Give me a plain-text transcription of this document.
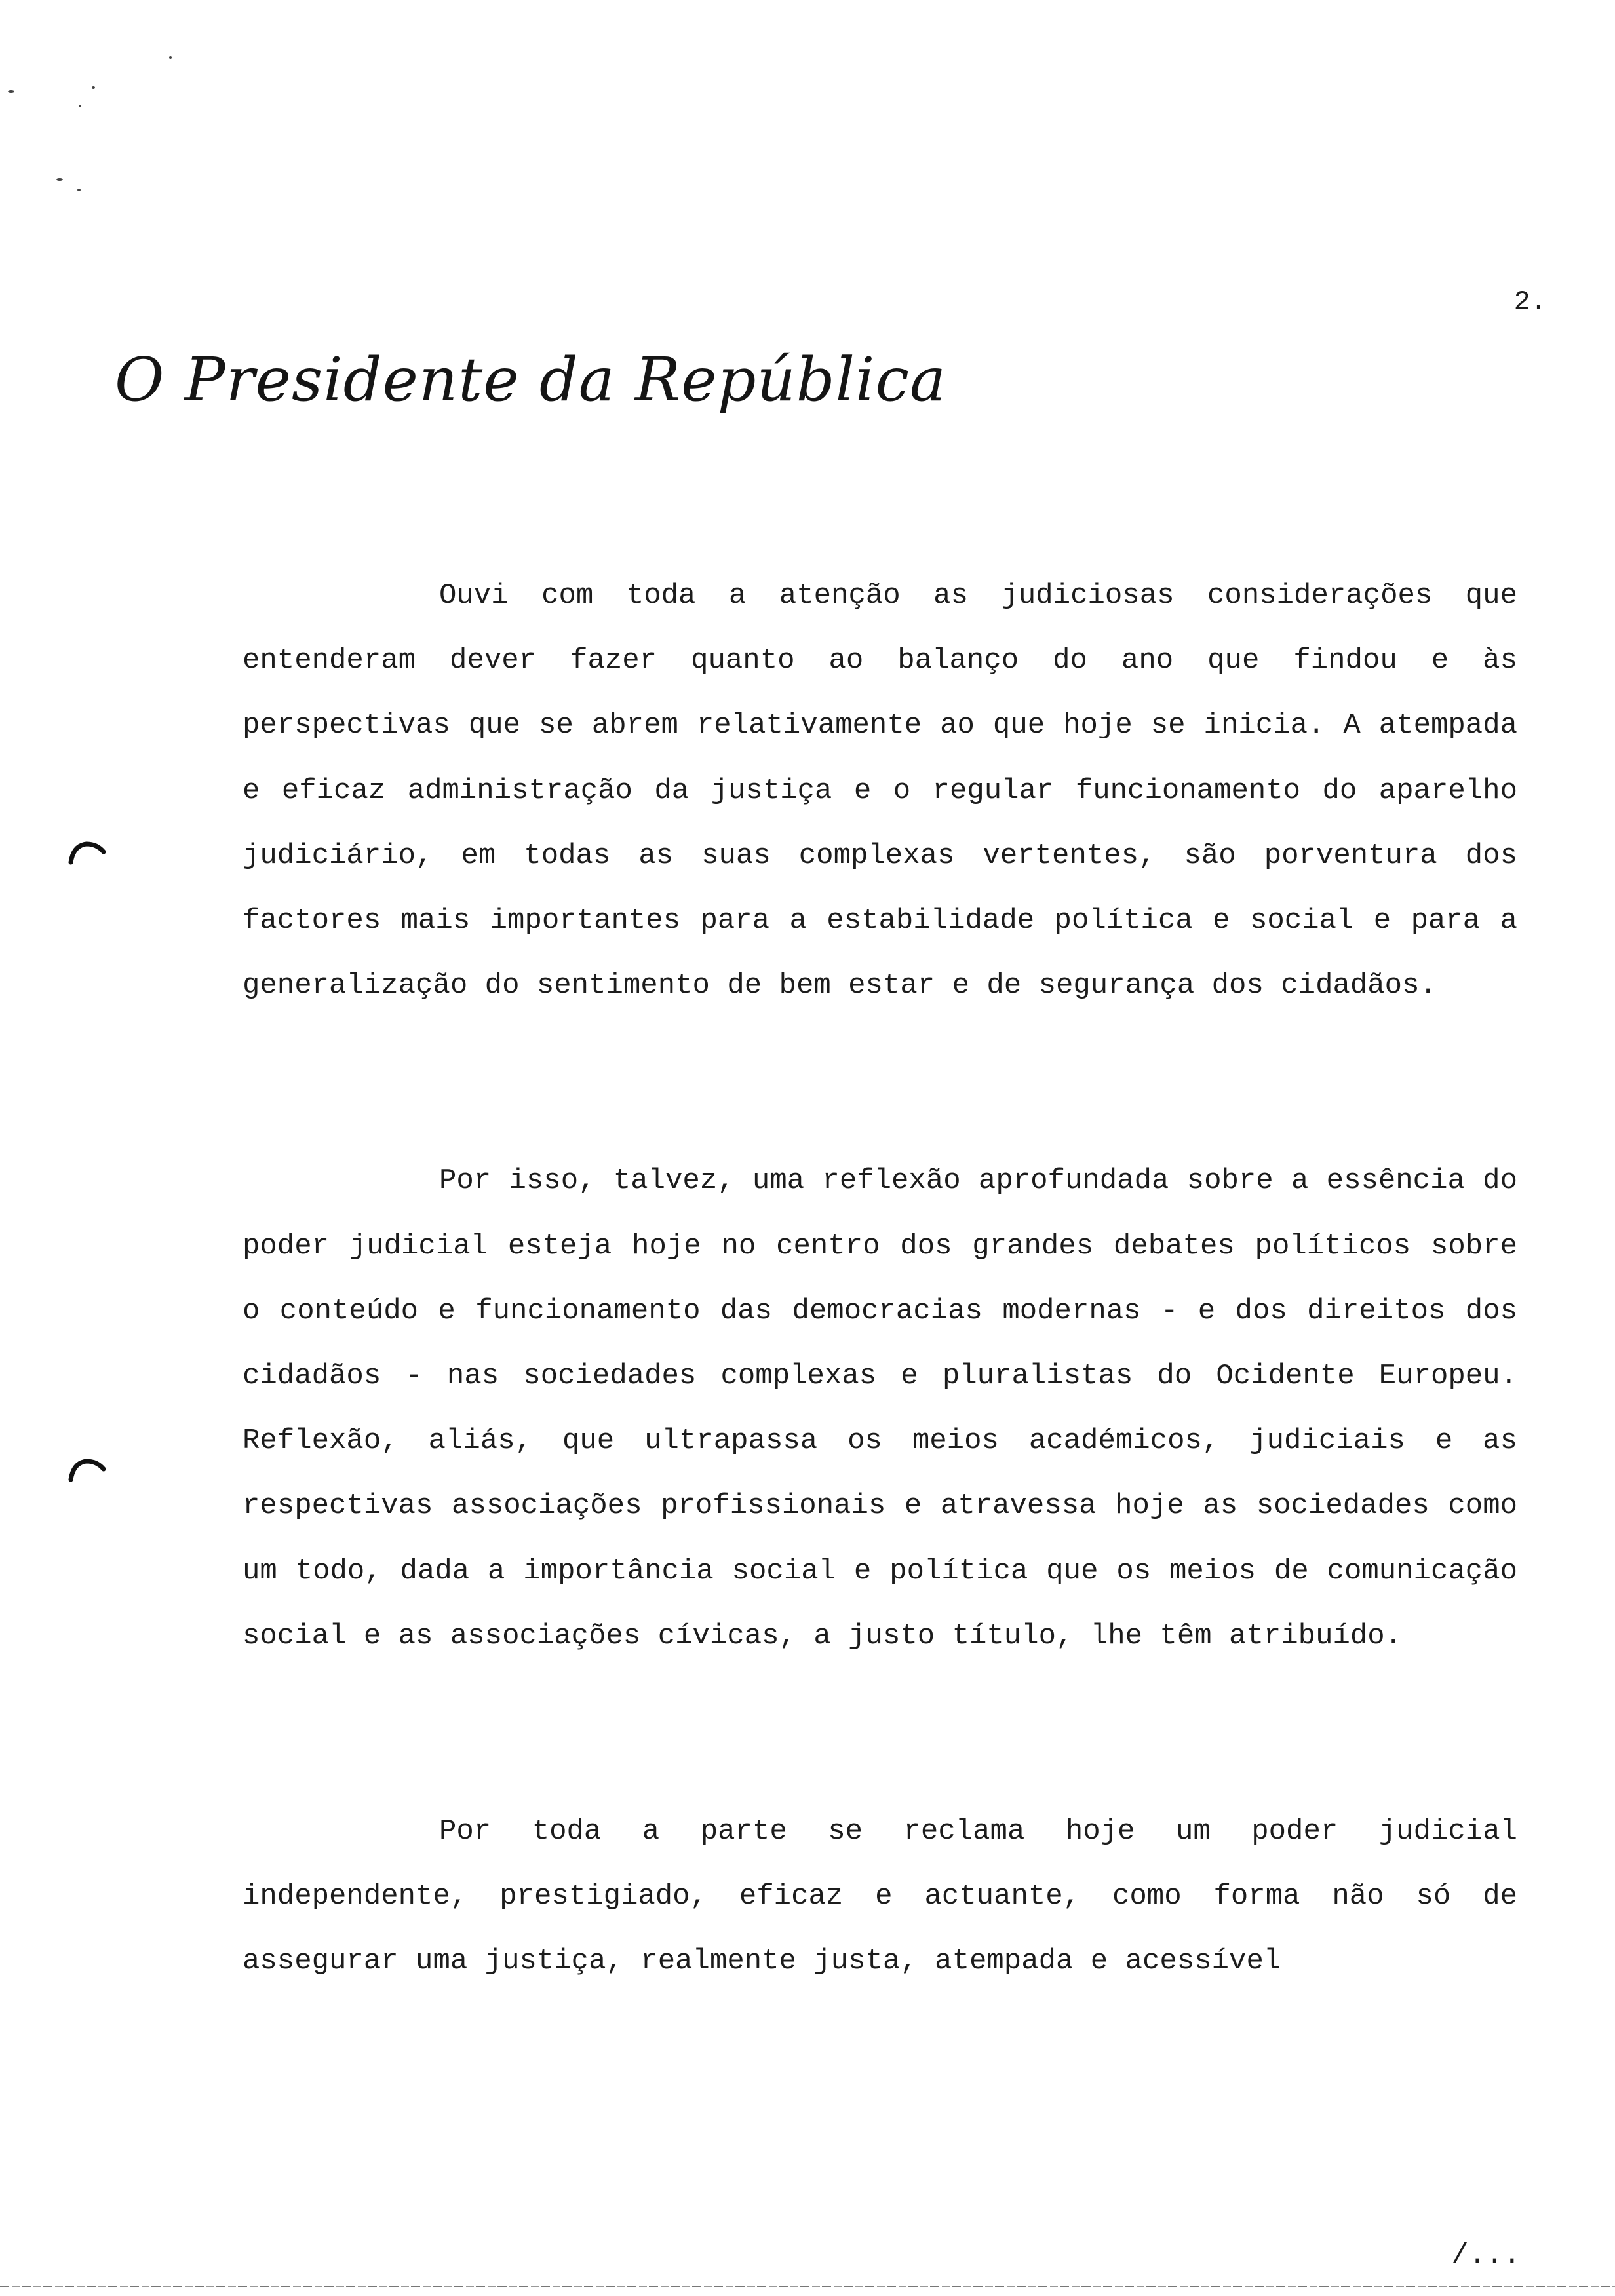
2.
O Presidente da República

Ouvi com toda a atenção as judiciosas considerações que entenderam dever fazer quanto ao balanço do ano que findou e às perspectivas que se abrem relativamente ao que hoje se inicia. A atempada e eficaz administração da justiça e o regular funcionamento do aparelho judiciário, em todas as suas complexas vertentes, são porventura dos factores mais importantes para a estabilidade política e social e para a generalização do sentimento de bem estar e de segurança dos cidadãos.

Por isso, talvez, uma reflexão aprofundada sobre a essência do poder judicial esteja hoje no centro dos grandes debates políticos sobre o conteúdo e funcionamento das democracias modernas - e dos direitos dos cidadãos - nas sociedades complexas e pluralistas do Ocidente Europeu. Reflexão, aliás, que ultrapassa os meios académicos, judiciais e as respectivas associações profissionais e atravessa hoje as sociedades como um todo, dada a importância social e política que os meios de comunicação social e as associações cívicas, a justo título, lhe têm atribuído.

Por toda a parte se reclama hoje um poder judicial independente, prestigiado, eficaz e actuante, como forma não só de assegurar uma justiça, realmente justa, atempada e acessível

/...
